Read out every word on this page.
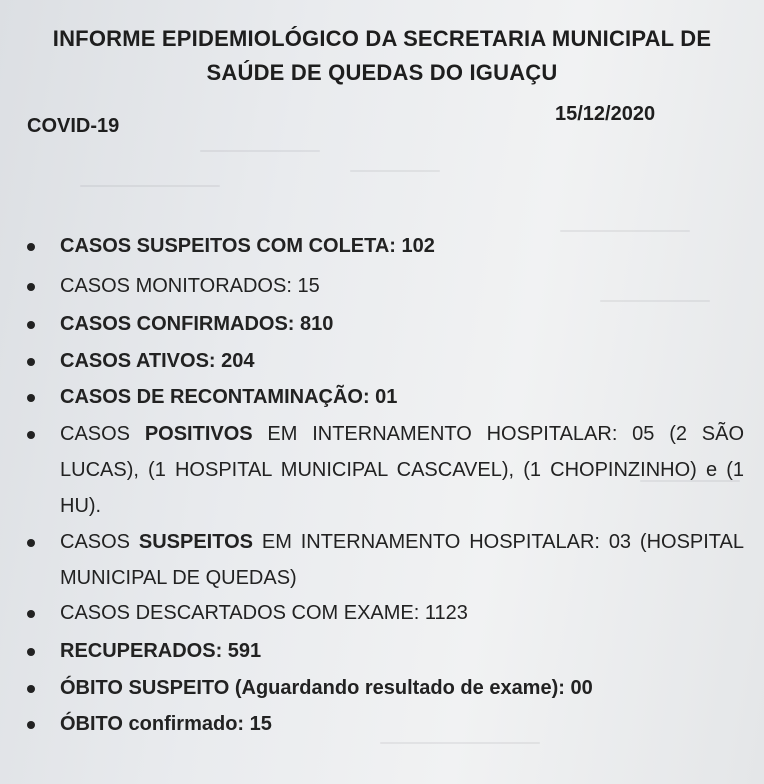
INFORME EPIDEMIOLÓGICO DA SECRETARIA MUNICIPAL DE
SAÚDE DE QUEDAS DO IGUAÇU
COVID-19
15/12/2020
CASOS SUSPEITOS COM COLETA: 102
CASOS MONITORADOS: 15
CASOS CONFIRMADOS: 810
CASOS ATIVOS: 204
CASOS DE RECONTAMINAÇÃO: 01
CASOS POSITIVOS EM INTERNAMENTO HOSPITALAR: 05 (2 SÃO LUCAS), (1 HOSPITAL MUNICIPAL CASCAVEL), (1 CHOPINZINHO) e (1 HU).
CASOS SUSPEITOS EM INTERNAMENTO HOSPITALAR: 03 (HOSPITAL MUNICIPAL DE QUEDAS)
CASOS DESCARTADOS COM EXAME: 1123
RECUPERADOS: 591
ÓBITO SUSPEITO (Aguardando resultado de exame): 00
ÓBITO confirmado: 15
